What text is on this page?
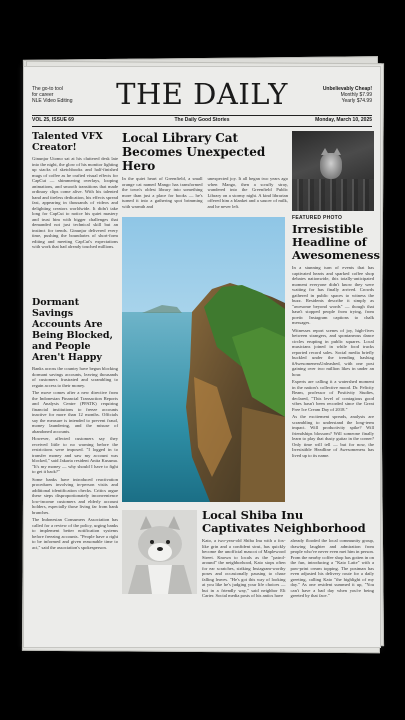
The go-to tool
for career
NLE Video Editing	THE DAILY	Unbelievably Cheap!
Monthly $7.99
Yearly $74.99
VOL 25, ISSUE 69	The Daily Good Stories	Monday, March 10, 2025
Talented VFX Creator!

Ginunjar Utomo sat at his cluttered desk late into the night, the glow of his monitor lighting up stacks of sketchbooks and half-finished mugs of coffee as he crafted visual effects for CapCut — shimmering overlays, looping animations, and smooth transitions that made ordinary clips come alive. With his talented hand and tireless dedication, his effects spread fast, appearing in thousands of videos and delighting creators worldwide. It didn't take long for CapCut to notice his quiet mastery and trust him with bigger challenges that demanded not just technical skill but an instinct for trends. Ginunjar delivered every time, pushing the boundaries of short-form editing and meeting CapCut's expectations with work that had already touched millions.

Dormant Savings Accounts Are Being Blocked, and People Aren't Happy

Banks across the country have begun blocking dormant savings accounts, leaving thousands of customers frustrated and scrambling to regain access to their money.

The move comes after a new directive from the Indonesian Financial Transaction Reports and Analysis Centre (PPATK) requiring financial institutions to freeze accounts inactive for more than 12 months. Officials say the measure is intended to prevent fraud, money laundering, and the misuse of abandoned accounts.

However, affected customers say they received little to no warning before the restrictions were imposed. "I logged in to transfer money and saw my account was blocked," said Jakarta resident Anita Kusuma. "It's my money — why should I have to fight to get it back?"

Some banks have introduced reactivation procedures involving in-person visits and additional identification checks. Critics argue these steps disproportionately inconvenience low-income customers and elderly account holders, especially those living far from bank branches.

The Indonesian Consumers Association has called for a review of the policy, urging banks to implement better notification systems before freezing accounts. "People have a right to be informed and given reasonable time to act," said the association's spokesperson.

Local Library Cat Becomes Unexpected Hero
In the quiet heart of Greenfield, a small orange cat named Mango has transformed the town's oldest library into something more than just a place for books — he's turned it into a gathering spot brimming with warmth and
unexpected joy. It all began two years ago when Mango, then a scruffy stray, wandered into the Greenfield Public Library on a stormy night. A kind librarian offered him a blanket and a saucer of milk, and he never left.
FEATURED PHOTO
Irresistible Headline of Awesomeness

In a stunning turn of events that has captivated hearts and sparked coffee shop debates nationwide, this totally-anticipated moment everyone didn't know they were waiting for has finally arrived. Crowds gathered in public spaces to witness the buzz. Residents describe it simply as "awesome beyond words" — though that hasn't stopped people from trying, from poetic Instagram captions to chalk messages.

Witnesses report scenes of joy, high-fives between strangers, and spontaneous dance circles erupting in public squares. Local musicians joined in while food trucks reported record sales. Social media briefly buckled under the trending hashtag #AwesomenessUnleashed, with one post gaining over two million likes in under an hour.

Experts are calling it a watershed moment in the nation's collective mood. Dr. Felicity Beam, professor of Positivity Studies, declared, "This level of contagious good vibes hasn't been recorded since the Great Free Ice Cream Day of 2018."

As the excitement spreads, analysts are scrambling to understand the long-term impact. Will productivity spike? Will friendships blossom? Will someone finally learn to play that dusty guitar in the corner? Only time will tell — but for now, the Irresistible Headline of Awesomeness has lived up to its name.

Local Shiba Inu Captivates Neighborhood
Kato, a two-year-old Shiba Inu with a fox-like grin and a confident strut, has quickly become the unofficial mascot of Maplewood Street. Known to locals as the "patrol-around" the neighborhood, Kato stops often for ear scratches, striking Instagram-worthy poses and occasionally pausing to chase falling leaves. "He's got this way of looking at you like he's judging your life choices — but in a friendly way," said neighbor Eli Carter. Social media posts of his antics have
already flooded the local community group, drawing laughter and admiration from people who've never even met him in person. From the nearby coffee shop has gotten in on the fun, introducing a "Kato Latte" with a paw-print cream topping. The postman has even adjusted his delivery route for a daily greeting, calling Kato "the highlight of my day." As one resident summed it up, "You can't have a bad day when you're being greeted by that face."
